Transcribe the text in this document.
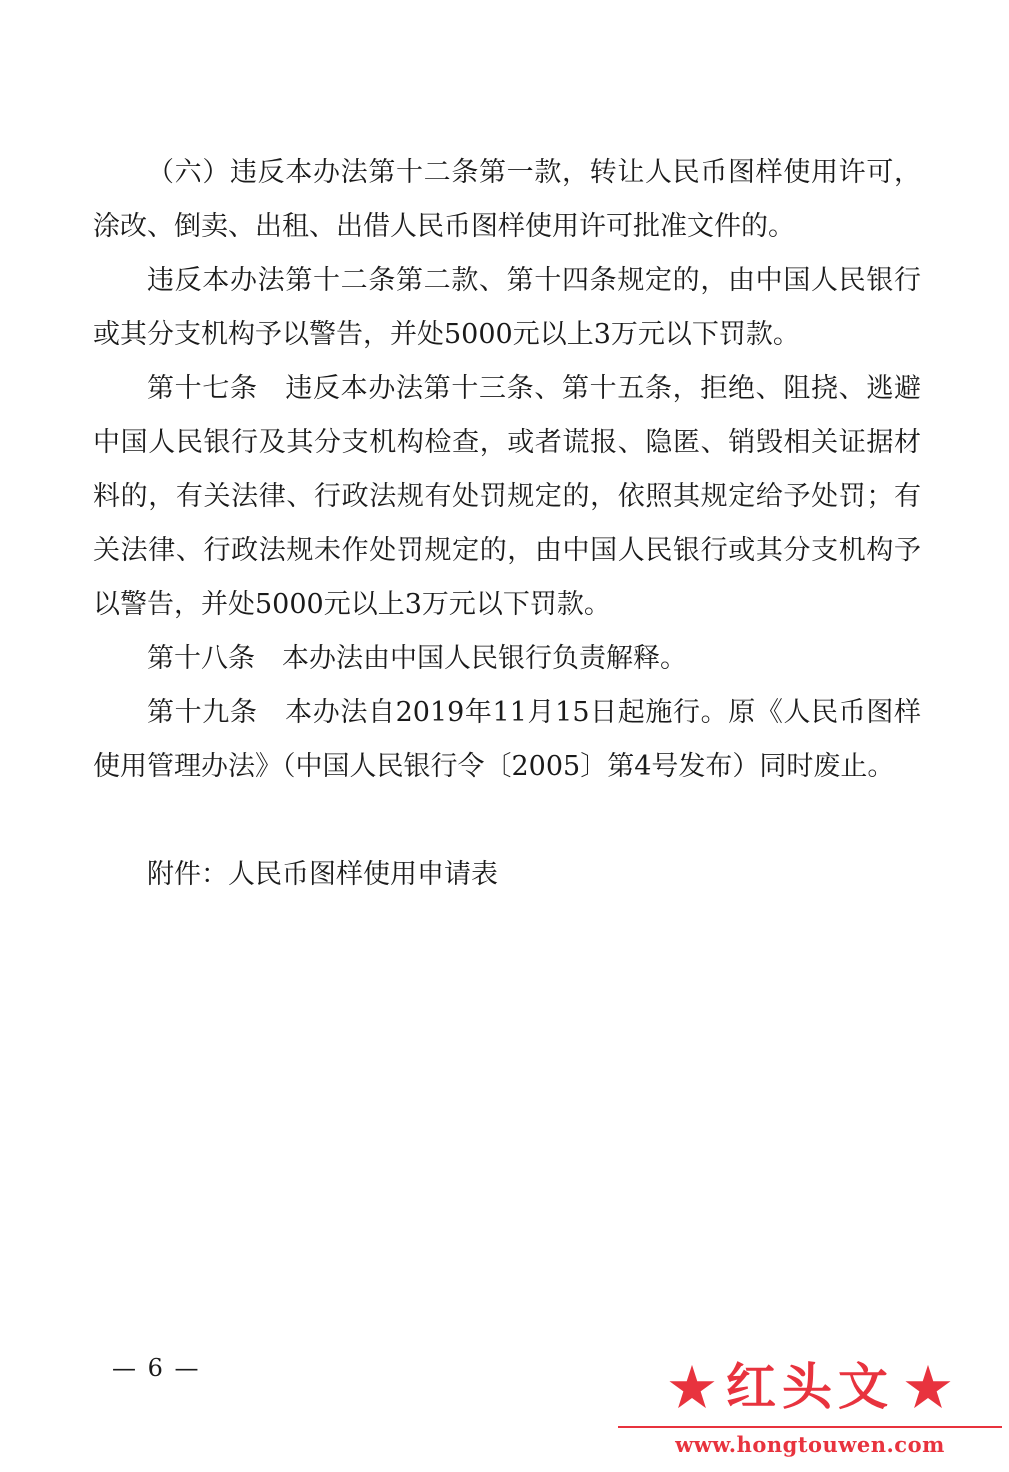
（六）违反本办法第十二条第一款，转让人民币图样使用许可，涂改、倒卖、出租、出借人民币图样使用许可批准文件的。

违反本办法第十二条第二款、第十四条规定的，由中国人民银行或其分支机构予以警告，并处5000元以上3万元以下罚款。

第十七条　违反本办法第十三条、第十五条，拒绝、阻挠、逃避中国人民银行及其分支机构检查，或者谎报、隐匿、销毁相关证据材料的，有关法律、行政法规有处罚规定的，依照其规定给予处罚；有关法律、行政法规未作处罚规定的，由中国人民银行或其分支机构予以警告，并处5000元以上3万元以下罚款。

第十八条　本办法由中国人民银行负责解释。

第十九条　本办法自2019年11月15日起施行。原《人民币图样使用管理办法》（中国人民银行令〔2005〕第4号发布）同时废止。

附件：人民币图样使用申请表

— 6 —	红头文
www.hongtouwen.com
